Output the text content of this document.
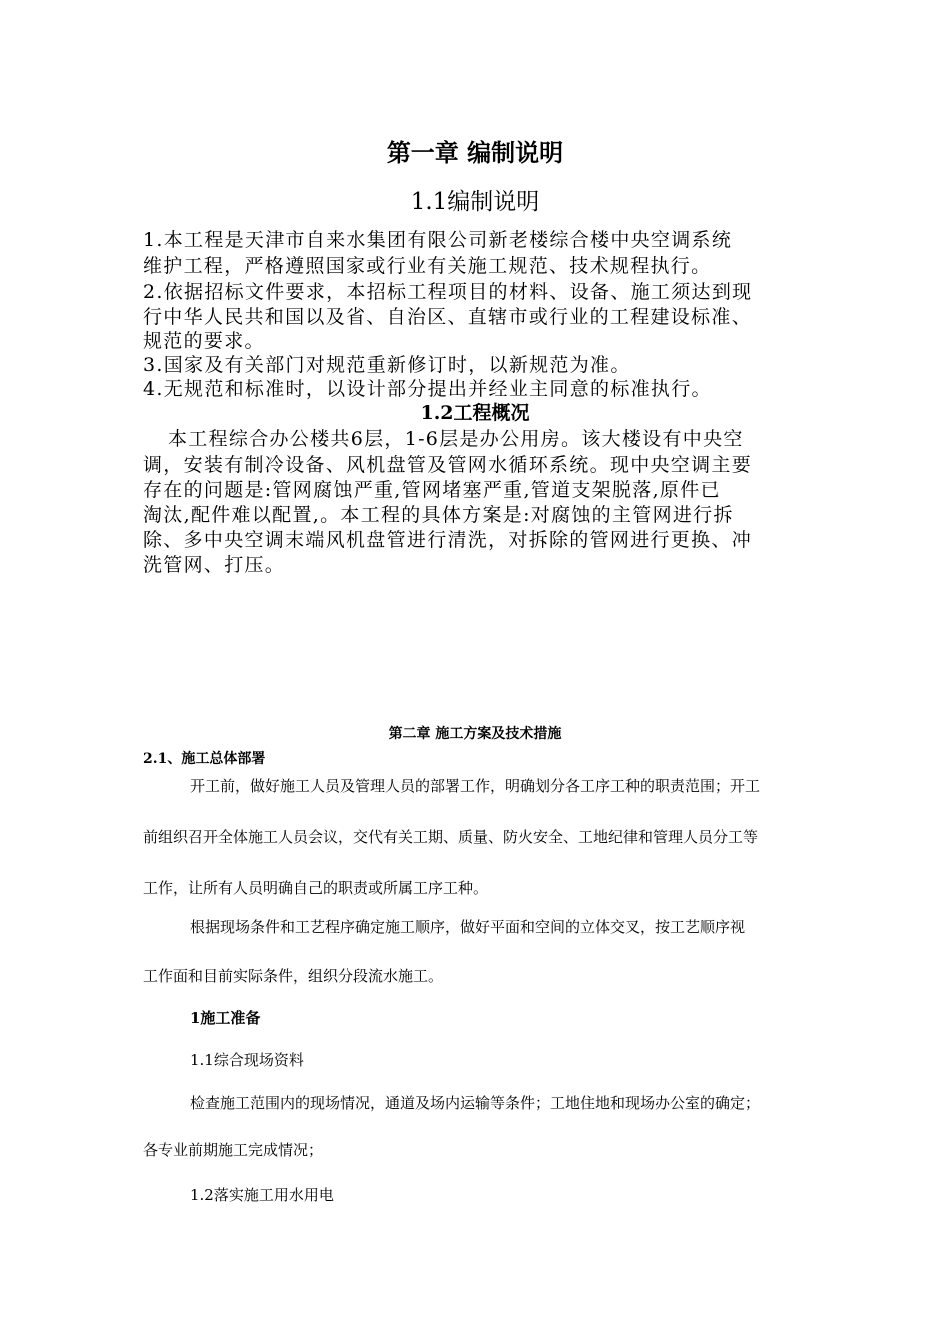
第一章 编制说明
1.1编制说明
1.本工程是天津市自来水集团有限公司新老楼综合楼中央空调系统
维护工程，严格遵照国家或行业有关施工规范、技术规程执行。
2.依据招标文件要求，本招标工程项目的材料、设备、施工须达到现
行中华人民共和国以及省、自治区、直辖市或行业的工程建设标准、
规范的要求。
3.国家及有关部门对规范重新修订时，以新规范为准。
4.无规范和标准时，以设计部分提出并经业主同意的标准执行。
1.2工程概况
本工程综合办公楼共6层，1-6层是办公用房。该大楼设有中央空
调，安装有制冷设备、风机盘管及管网水循环系统。现中央空调主要
存在的问题是:管网腐蚀严重,管网堵塞严重,管道支架脱落,原件已
淘汰,配件难以配置,。本工程的具体方案是:对腐蚀的主管网进行拆
除、多中央空调末端风机盘管进行清洗，对拆除的管网进行更换、冲
洗管网、打压。
第二章 施工方案及技术措施
2.1、施工总体部署
开工前，做好施工人员及管理人员的部署工作，明确划分各工序工种的职责范围；开工
前组织召开全体施工人员会议，交代有关工期、质量、防火安全、工地纪律和管理人员分工等
工作，让所有人员明确自己的职责或所属工序工种。
根据现场条件和工艺程序确定施工顺序，做好平面和空间的立体交叉，按工艺顺序视
工作面和目前实际条件，组织分段流水施工。
1施工准备
1.1综合现场资料
检查施工范围内的现场情况，通道及场内运输等条件；工地住地和现场办公室的确定；
各专业前期施工完成情况；
1.2落实施工用水用电
